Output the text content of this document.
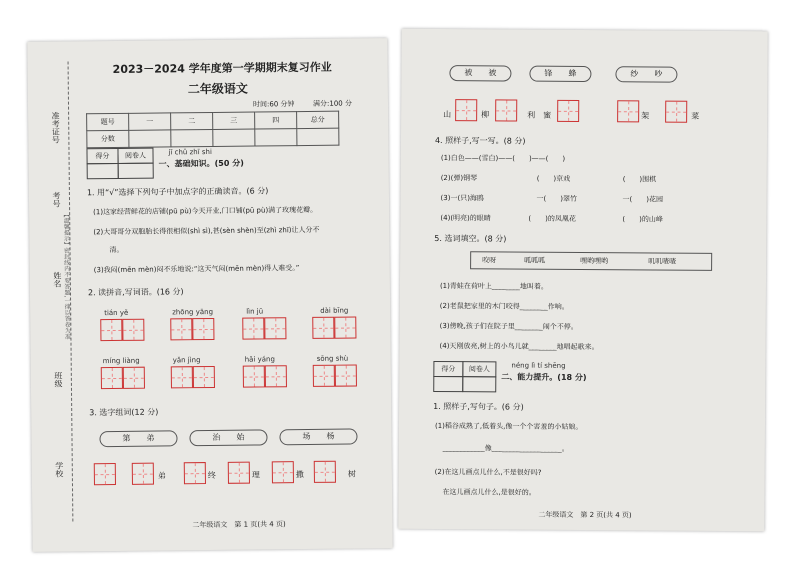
准考证号
考号
姓名
班级
学校
【温馨提示】密封线内不要答题,一律以答卷为准
2023－2024 学年度第一学期期末复习作业
二年级语文
时间:60 分钟	满分:100 分
题号	一	二	三	四	总分
分数					
得分	阅卷人	jī chǔ zhī shi
一、基础知识。(50 分)
1. 用“√”选择下列句子中加点字的正确读音。(6 分)
(1)这家经营鲜花的店铺(pū pù)今天开业,门口铺(pū pù)满了玫瑰花瓣。
(2)大哥哥分双胞胎长得很相似(shì sì),甚(sèn shèn)至(zhì zhī)让人分不
清。
(3)我闷(mēn mèn)闷不乐地说:“这天气闷(mēn mèn)得人难受。”
2. 读拼音,写词语。(16 分)
tián yě	zhōng yāng	lìn jū	dài bīng
míng liàng	yǎn jìng	hǎi yáng	sōng shù
3. 选字组词(12 分)
第　　弟	治　　始	场　　杨
弟	终	理	撒	树
二年级语文　第 1 页(共 4 页)
被　　被	锋　　蜂	纱　　吵
山	柳	利 蜜	架	菜
4. 照样子,写一写。(8 分)
(1)白色——(雪白)——(　　)——(　　)
(2)(弹)钢琴	(　　)京戏	(　　)围棋
(3)一(只)海鸥	一(　　)翠竹	一(　　)花园
(4)(明亮)的眼睛	(　　)的凤凰花	(　　)的山峰
5. 选词填空。(8 分)
咬呀	呱呱呱	嘿哟嘿哟	叽叽喳喳
(1)青蛙在荷叶上________地叫着。
(2)老鼠把家里的木门咬得________作响。
(3)傍晚,孩子们在院子里________闹个不停。
(4)天刚放亮,树上的小鸟儿就________地唱起歌来。
得分	阅卷人	néng lì tí shēng
二、能力提升。(18 分)
1. 照样子,写句子。(6 分)
(1)稻谷成熟了,低着头,像一个个害羞的小姑娘。
____________像____________________。
(2)在这儿画点儿什么,不是很好吗?
在这儿画点儿什么,是很好的。
二年级语文　第 2 页(共 4 页)
